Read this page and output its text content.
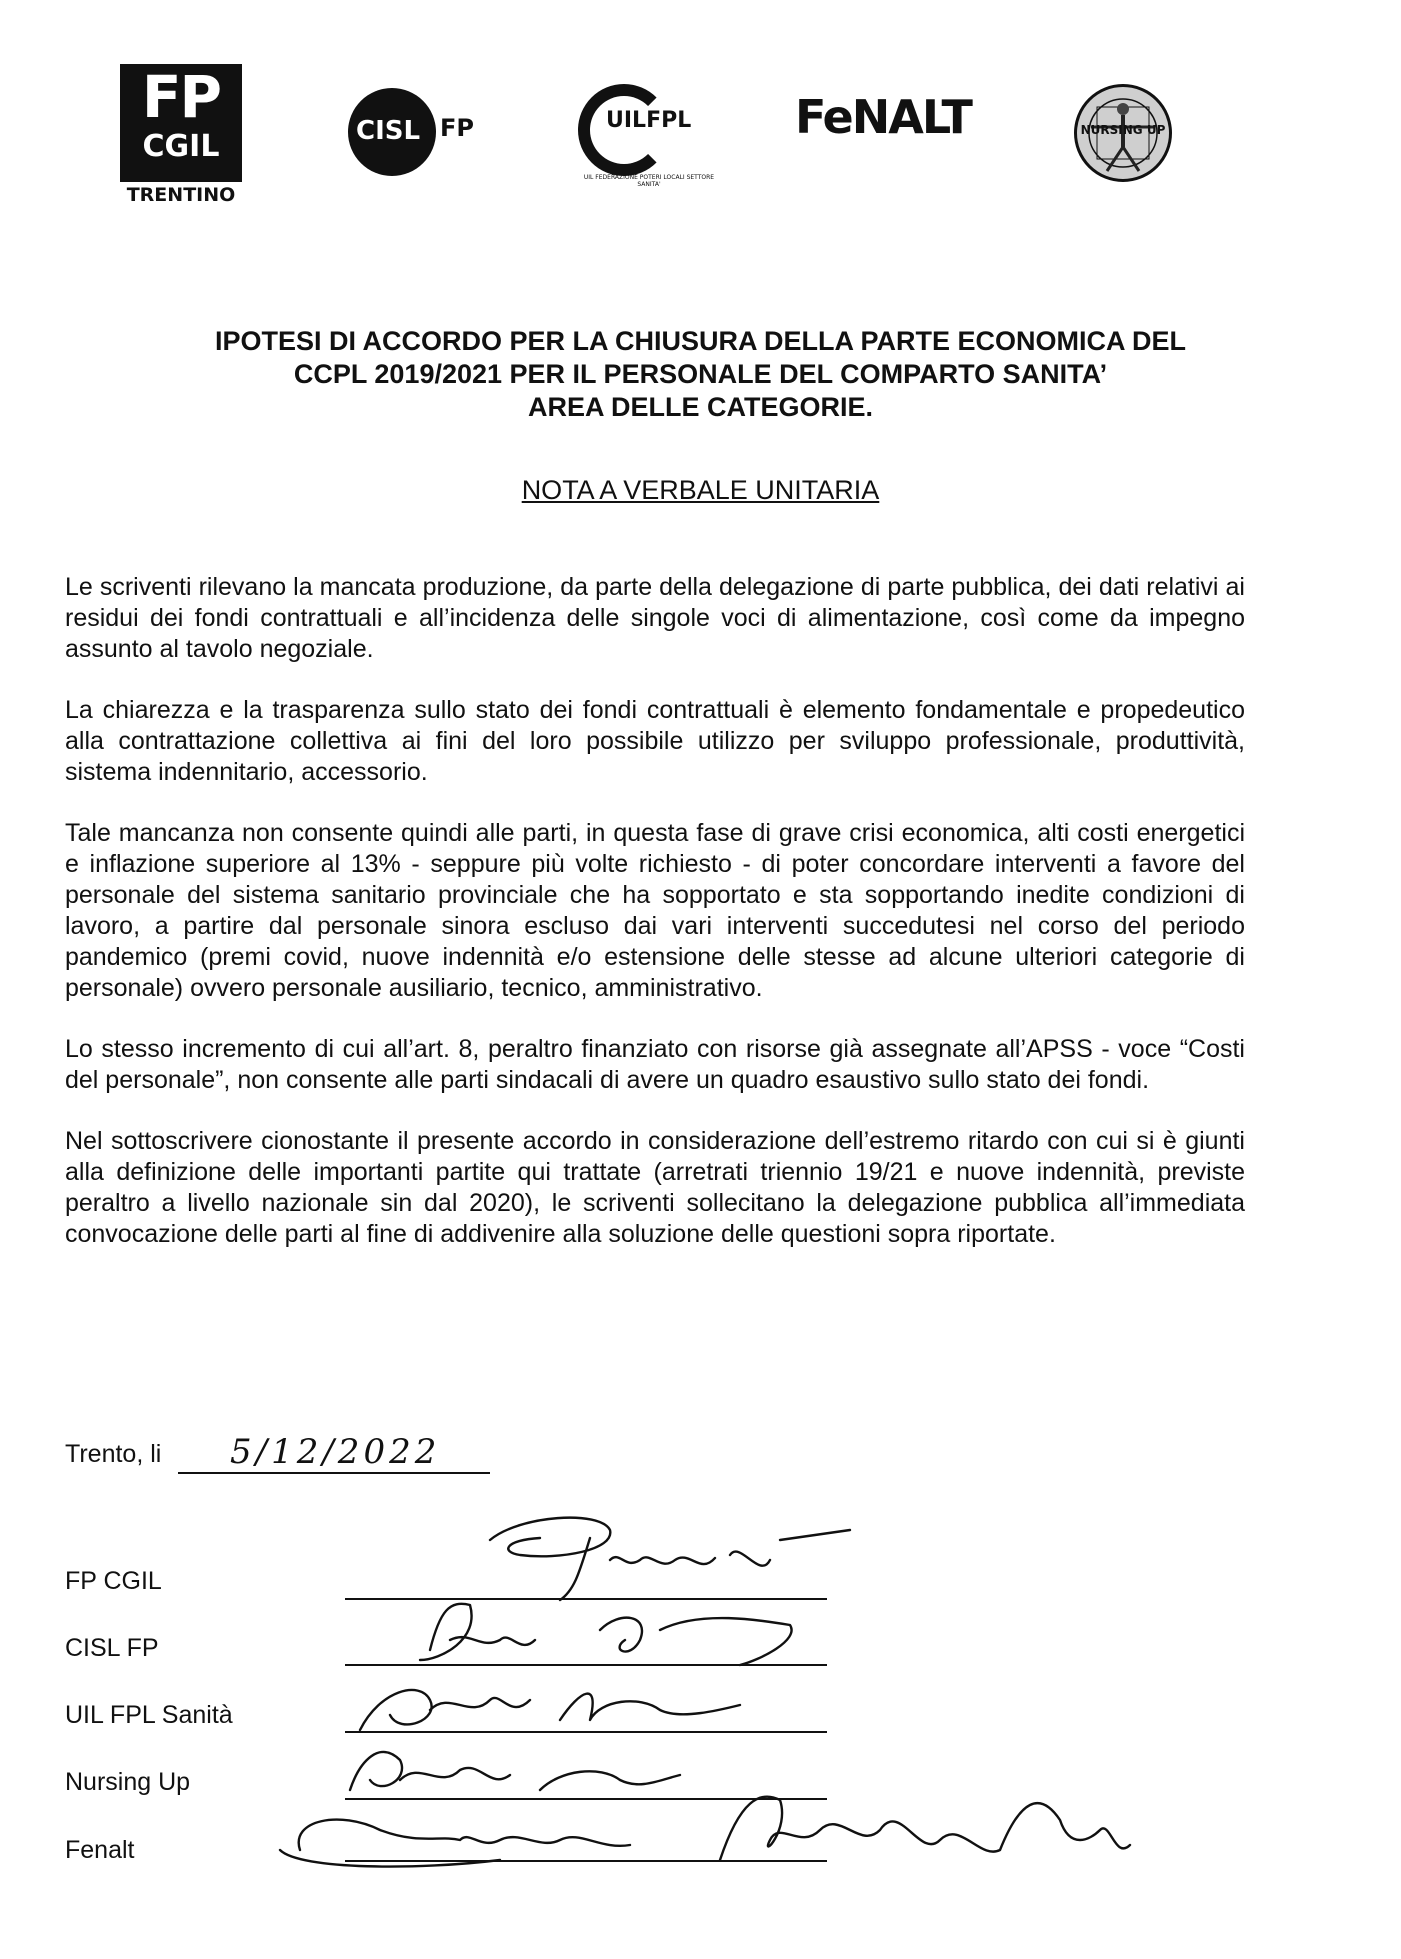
FP
CGIL
TRENTINO
CISL FP	UILFPL
UIL FEDERAZIONE POTERI LOCALI SETTORE SANITA'
FeNALT	NURSING UP
IPOTESI DI ACCORDO PER LA CHIUSURA DELLA PARTE ECONOMICA DEL
CCPL 2019/2021 PER IL PERSONALE DEL COMPARTO SANITA’
AREA DELLE CATEGORIE.
NOTA A VERBALE UNITARIA

Le scriventi rilevano la mancata produzione, da parte della delegazione di parte pubblica, dei dati relativi ai residui dei fondi contrattuali e all’incidenza delle singole voci di alimentazione, così come da impegno assunto al tavolo negoziale.

La chiarezza e la trasparenza sullo stato dei fondi contrattuali è elemento fondamentale e propedeutico alla contrattazione collettiva ai fini del loro possibile utilizzo per sviluppo professionale, produttività, sistema indennitario, accessorio.

Tale mancanza non consente quindi alle parti, in questa fase di grave crisi economica, alti costi energetici e inflazione superiore al 13% - seppure più volte richiesto - di poter concordare interventi a favore del personale del sistema sanitario provinciale che ha sopportato e sta sopportando inedite condizioni di lavoro, a partire dal personale sinora escluso dai vari interventi succedutesi nel corso del periodo pandemico (premi covid, nuove indennità e/o estensione delle stesse ad alcune ulteriori categorie di personale) ovvero personale ausiliario, tecnico, amministrativo.

Lo stesso incremento di cui all’art. 8, peraltro finanziato con risorse già assegnate all’APSS - voce “Costi del personale”, non consente alle parti sindacali di avere un quadro esaustivo sullo stato dei fondi.

Nel sottoscrivere cionostante il presente accordo in considerazione dell’estremo ritardo con cui si è giunti alla definizione delle importanti partite qui trattate (arretrati triennio 19/21 e nuove indennità, previste peraltro a livello nazionale sin dal 2020), le scriventi sollecitano la delegazione pubblica all’immediata convocazione delle parti al fine di addivenire alla soluzione delle questioni sopra riportate.

Trento, li 5/12/2022
FP CGIL
CISL FP
UIL FPL Sanità
Nursing Up
Fenalt
